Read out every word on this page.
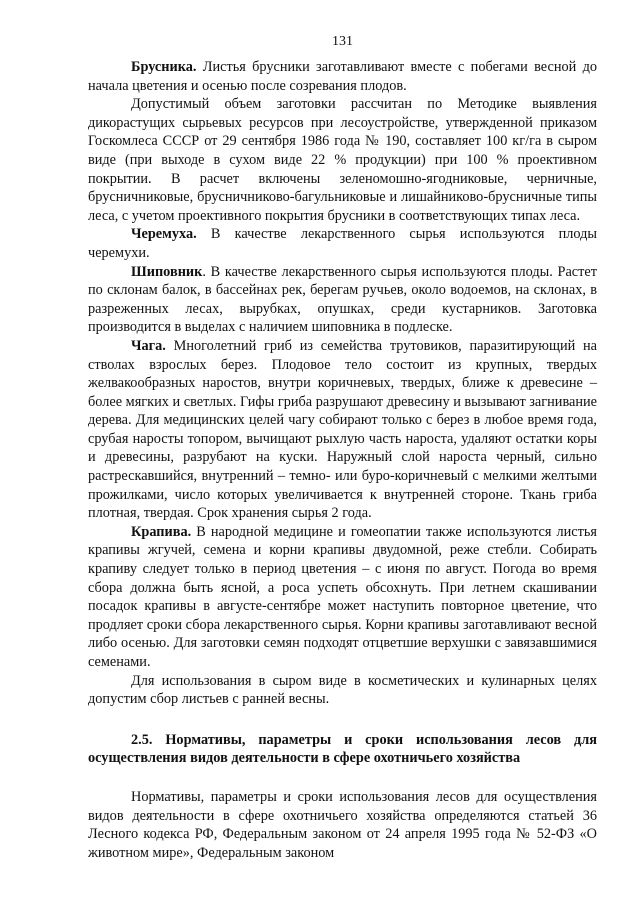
131

Брусника. Листья брусники заготавливают вместе с побегами весной до начала цветения и осенью после созревания плодов.

Допустимый объем заготовки рассчитан по Методике выявления дикорастущих сырьевых ресурсов при лесоустройстве, утвержденной приказом Госкомлеса СССР от 29 сентября 1986 года № 190, составляет 100 кг/га в сыром виде (при выходе в сухом виде 22 % продукции) при 100 % проективном покрытии. В расчет включены зеленомошно-ягодниковые, черничные, брусничниковые, брусничниково-багульниковые и лишайниково-брусничные типы леса, с учетом проективного покрытия брусники в соответствующих типах леса.

Черемуха. В качестве лекарственного сырья используются плоды черемухи.

Шиповник. В качестве лекарственного сырья используются плоды. Растет по склонам балок, в бассейнах рек, берегам ручьев, около водоемов, на склонах, в разреженных лесах, вырубках, опушках, среди кустарников. Заготовка производится в выделах с наличием шиповника в подлеске.

Чага. Многолетний гриб из семейства трутовиков, паразитирующий на стволах взрослых берез. Плодовое тело состоит из крупных, твердых желвакообразных наростов, внутри коричневых, твердых, ближе к древесине – более мягких и светлых. Гифы гриба разрушают древесину и вызывают загнивание дерева. Для медицинских целей чагу собирают только с берез в любое время года, срубая наросты топором, вычищают рыхлую часть нароста, удаляют остатки коры и древесины, разрубают на куски. Наружный слой нароста черный, сильно растрескавшийся, внутренний – темно- или буро-коричневый с мелкими желтыми прожилками, число которых увеличивается к внутренней стороне. Ткань гриба плотная, твердая. Срок хранения сырья 2 года.

Крапива. В народной медицине и гомеопатии также используются листья крапивы жгучей, семена и корни крапивы двудомной, реже стебли. Собирать крапиву следует только в период цветения – с июня по август. Погода во время сбора должна быть ясной, а роса успеть обсохнуть. При летнем скашивании посадок крапивы в августе-сентябре может наступить повторное цветение, что продляет сроки сбора лекарственного сырья. Корни крапивы заготавливают весной либо осенью. Для заготовки семян подходят отцветшие верхушки с завязавшимися семенами.

Для использования в сыром виде в косметических и кулинарных целях допустим сбор листьев с ранней весны.

2.5. Нормативы, параметры и сроки использования лесов для осуществления видов деятельности в сфере охотничьего хозяйства

Нормативы, параметры и сроки использования лесов для осуществления видов деятельности в сфере охотничьего хозяйства определяются статьей 36 Лесного кодекса РФ, Федеральным законом от 24 апреля 1995 года № 52-ФЗ «О животном мире», Федеральным законом
